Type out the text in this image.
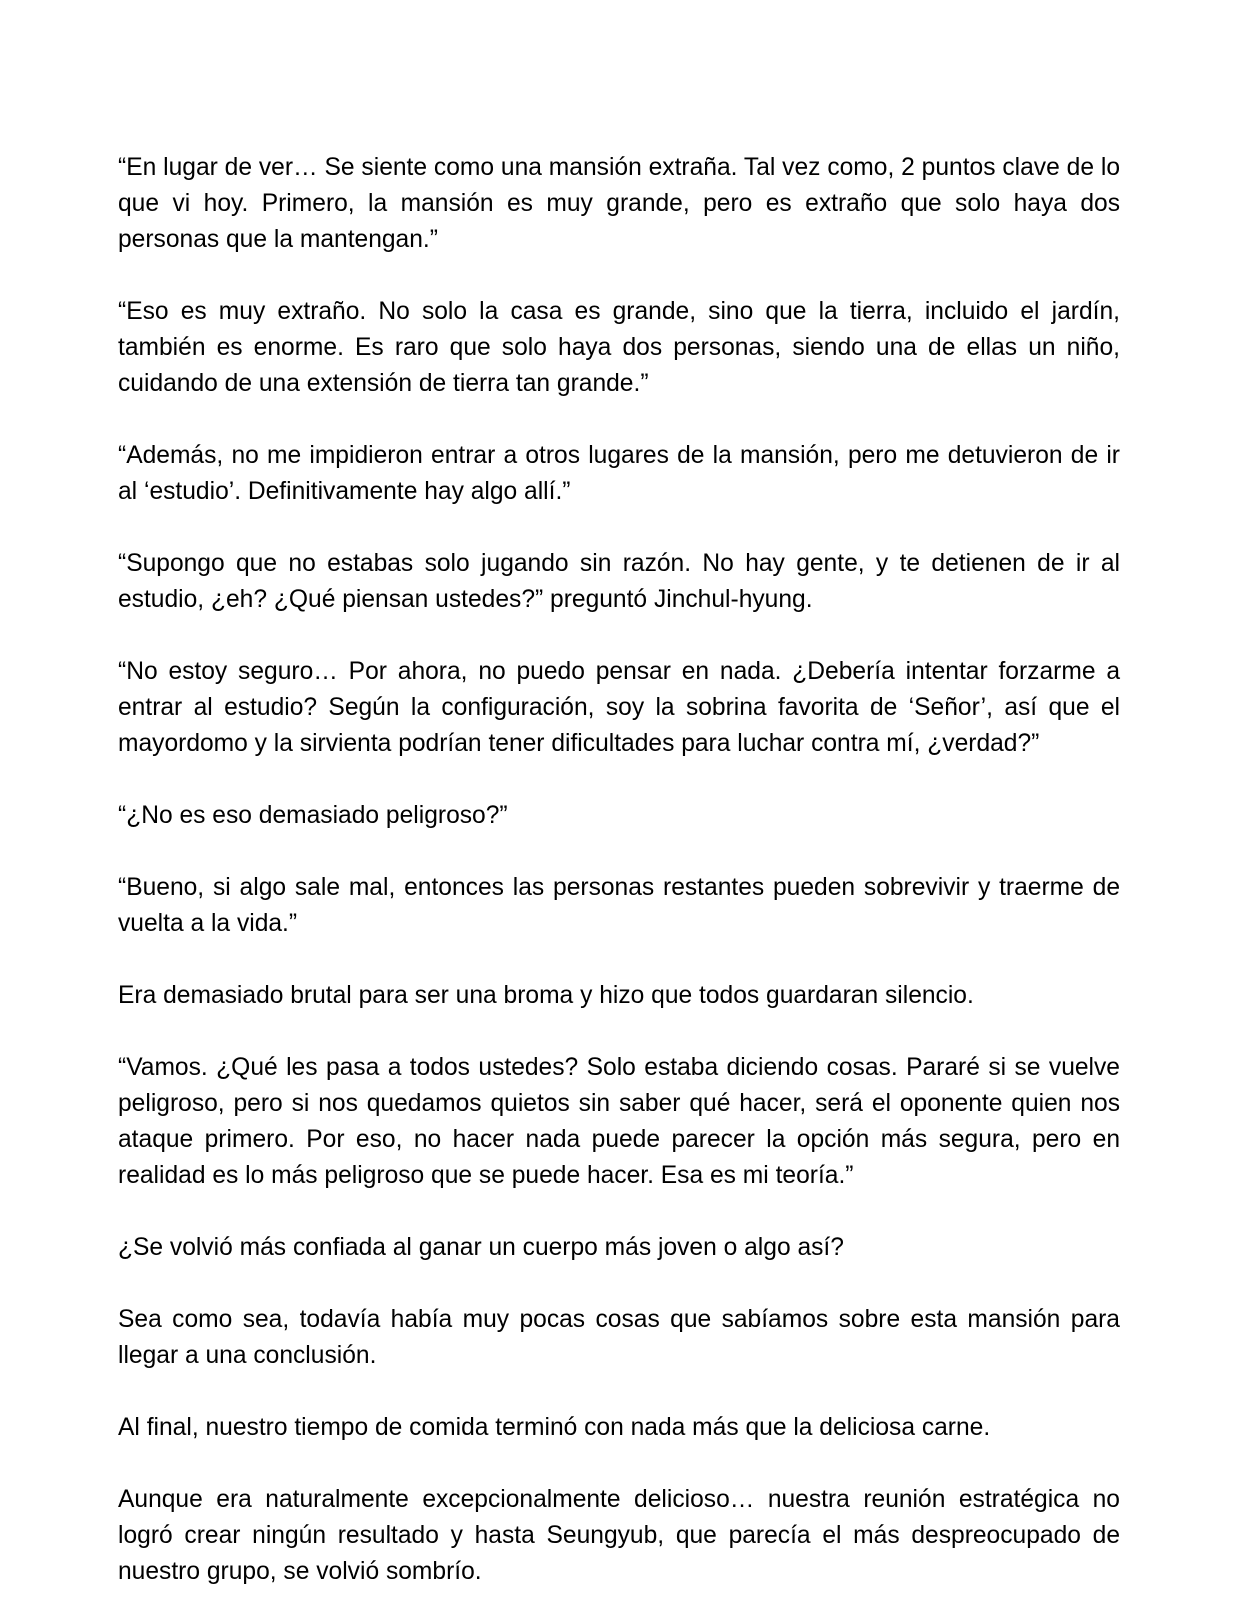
“En lugar de ver… Se siente como una mansión extraña. Tal vez como, 2 puntos clave de lo que vi hoy. Primero, la mansión es muy grande, pero es extraño que solo haya dos personas que la mantengan.”

“Eso es muy extraño. No solo la casa es grande, sino que la tierra, incluido el jardín, también es enorme. Es raro que solo haya dos personas, siendo una de ellas un niño, cuidando de una extensión de tierra tan grande.”

“Además, no me impidieron entrar a otros lugares de la mansión, pero me detuvieron de ir al ‘estudio’. Definitivamente hay algo allí.”

“Supongo que no estabas solo jugando sin razón. No hay gente, y te detienen de ir al estudio, ¿eh? ¿Qué piensan ustedes?” preguntó Jinchul-hyung.

“No estoy seguro… Por ahora, no puedo pensar en nada. ¿Debería intentar forzarme a entrar al estudio? Según la configuración, soy la sobrina favorita de ‘Señor’, así que el mayordomo y la sirvienta podrían tener dificultades para luchar contra mí, ¿verdad?”

“¿No es eso demasiado peligroso?”

“Bueno, si algo sale mal, entonces las personas restantes pueden sobrevivir y traerme de vuelta a la vida.”

Era demasiado brutal para ser una broma y hizo que todos guardaran silencio.

“Vamos. ¿Qué les pasa a todos ustedes? Solo estaba diciendo cosas. Pararé si se vuelve peligroso, pero si nos quedamos quietos sin saber qué hacer, será el oponente quien nos ataque primero. Por eso, no hacer nada puede parecer la opción más segura, pero en realidad es lo más peligroso que se puede hacer. Esa es mi teoría.”

¿Se volvió más confiada al ganar un cuerpo más joven o algo así?

Sea como sea, todavía había muy pocas cosas que sabíamos sobre esta mansión para llegar a una conclusión.

Al final, nuestro tiempo de comida terminó con nada más que la deliciosa carne.

Aunque era naturalmente excepcionalmente delicioso… nuestra reunión estratégica no logró crear ningún resultado y hasta Seungyub, que parecía el más despreocupado de nuestro grupo, se volvió sombrío.
